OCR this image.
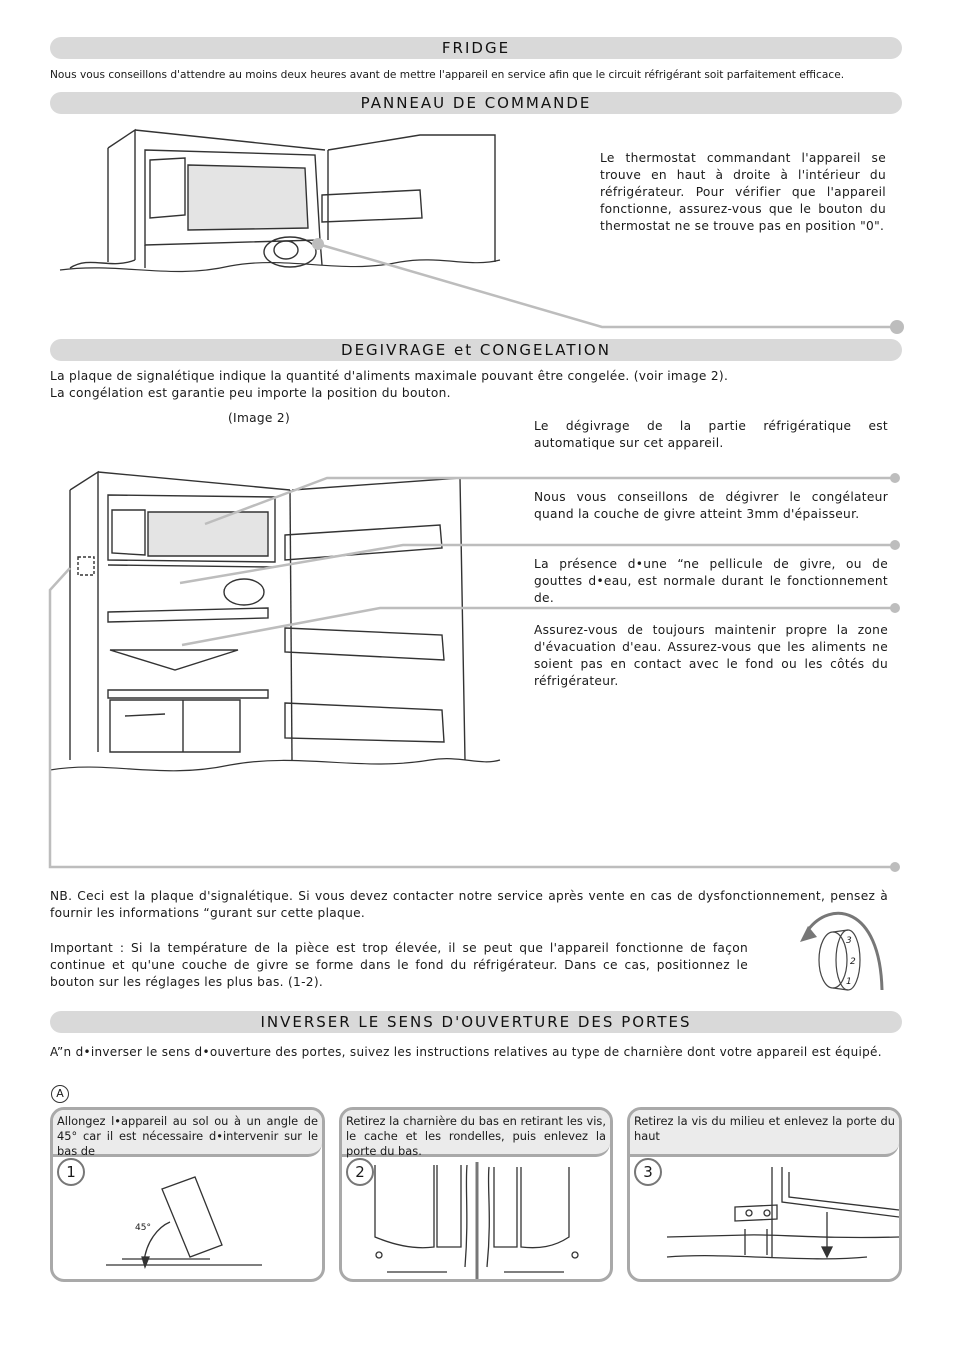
FRIDGE
Nous vous conseillons d'attendre au moins deux heures avant de mettre l'appareil en service afin que le circuit réfrigérant soit parfaitement efficace.
PANNEAU DE COMMANDE
Le thermostat commandant l'appareil se trouve en haut à droite à l'intérieur du réfrigérateur. Pour vérifier que l'appareil fonctionne, assurez-vous que le bouton du thermostat ne se trouve pas en position "0".
DEGIVRAGE et CONGELATION
La plaque de signalétique indique la quantité d'aliments maximale pouvant être congelée. (voir image 2).
La congélation est garantie peu importe la position du bouton.
(Image 2)
Le dégivrage de la partie réfrigératique est automatique sur cet appareil.
Nous vous conseillons de dégivrer le congélateur quand la couche de givre atteint 3mm d'épaisseur.
La présence d•une “ne pellicule de givre, ou de gouttes d•eau, est normale durant le fonctionnement de.
Assurez-vous de toujours maintenir propre la zone d'évacuation d'eau. Assurez-vous que les aliments ne soient pas en contact avec le fond ou les côtés du réfrigérateur.
NB. Ceci est la plaque d'signalétique. Si vous devez contacter notre service après vente en cas de dysfonctionnement, pensez à fournir les informations “gurant sur cette plaque.
Important : Si la température de la pièce est trop élevée, il se peut que l'appareil fonctionne de façon continue et qu'une couche de givre se forme dans le fond du réfrigérateur. Dans ce cas, positionnez le bouton sur les réglages les plus bas. (1-2).
3
2
1
INVERSER LE SENS D'OUVERTURE DES PORTES
A”n d•inverser le sens d•ouverture des portes, suivez les instructions relatives au type de charnière dont votre appareil est équipé.
A
Allongez l•appareil au sol ou à un angle de 45° car il est nécessaire d•intervenir sur le bas de
1
45°
Retirez la charnière du bas en retirant les vis, le cache et les rondelles, puis enlevez la porte du bas.
2
Retirez la vis du milieu et enlevez la porte du haut
3
